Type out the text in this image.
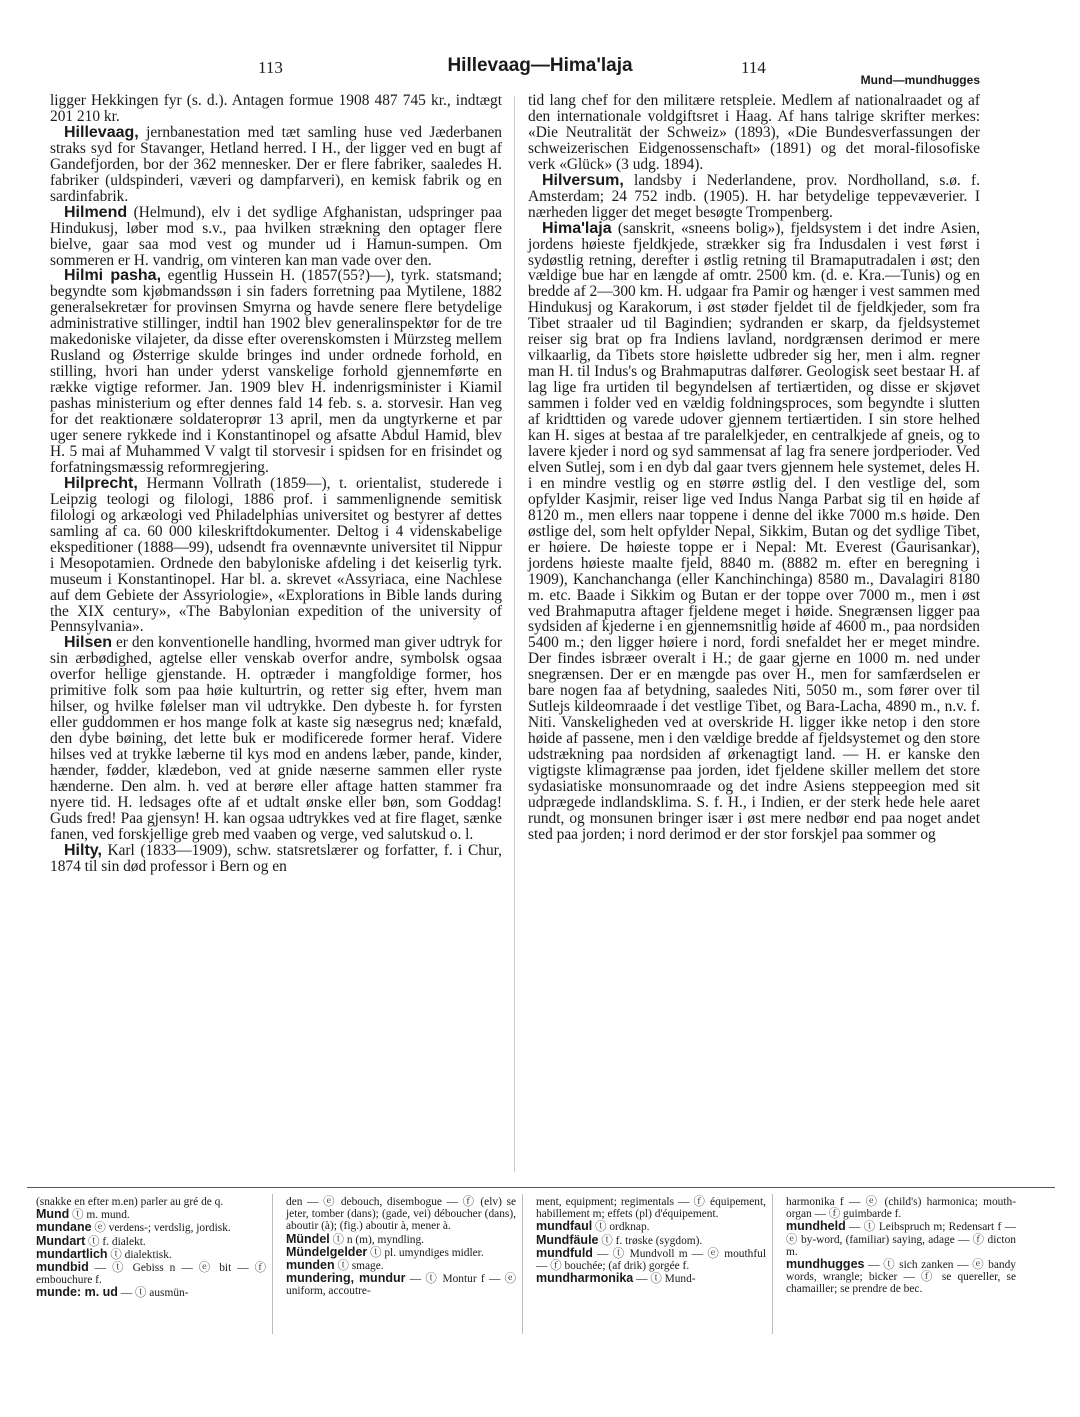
113	Hillevaag—Hima'laja	114
Mund—mundhugges

ligger Hekkingen fyr (s. d.). Antagen formue 1908 487 745 kr., indtægt 201 210 kr.

Hillevaag, jernbanestation med tæt samling huse ved Jæderbanen straks syd for Stavanger, Hetland herred. I H., der ligger ved en bugt af Gandefjorden, bor der 362 mennesker. Der er flere fabriker, saaledes H. fabriker (uldspinderi, væveri og dampfarveri), en kemisk fabrik og en sardinfabrik.

Hilmend (Helmund), elv i det sydlige Afghanistan, udspringer paa Hindukusj, løber mod s.v., paa hvilken strækning den optager flere bielve, gaar saa mod vest og munder ud i Hamun-sumpen. Om sommeren er H. vandrig, om vinteren kan man vade over den.

Hilmi pasha, egentlig Hussein H. (1857(55?)—), tyrk. statsmand; begyndte som kjøbmandssøn i sin faders forretning paa Mytilene, 1882 generalsekretær for provinsen Smyrna og havde senere flere betydelige administrative stillinger, indtil han 1902 blev generalinspektør for de tre makedoniske vilajeter, da disse efter overenskomsten i Mürzsteg mellem Rusland og Østerrige skulde bringes ind under ordnede forhold, en stilling, hvori han under yderst vanskelige forhold gjennemførte en række vigtige reformer. Jan. 1909 blev H. indenrigsminister i Kiamil pashas ministerium og efter dennes fald 14 feb. s. a. storvesir. Han veg for det reaktionære soldateroprør 13 april, men da ungtyrkerne et par uger senere rykkede ind i Konstantinopel og afsatte Abdul Hamid, blev H. 5 mai af Muhammed V valgt til storvesir i spidsen for en frisindet og forfatningsmæssig reformregjering.

Hilprecht, Hermann Vollrath (1859—), t. orientalist, studerede i Leipzig teologi og filologi, 1886 prof. i sammenlignende semitisk filologi og arkæologi ved Philadelphias universitet og bestyrer af dettes samling af ca. 60 000 kileskriftdokumenter. Deltog i 4 videnskabelige ekspeditioner (1888—99), udsendt fra ovennævnte universitet til Nippur i Mesopotamien. Ordnede den babyloniske afdeling i det keiserlig tyrk. museum i Konstantinopel. Har bl. a. skrevet «Assyriaca, eine Nachlese auf dem Gebiete der Assyriologie», «Explorations in Bible lands during the XIX century», «The Babylonian expedition of the university of Pennsylvania».

Hilsen er den konventionelle handling, hvormed man giver udtryk for sin ærbødighed, agtelse eller venskab overfor andre, symbolsk ogsaa overfor hellige gjenstande. H. optræder i mangfoldige former, hos primitive folk som paa høie kulturtrin, og retter sig efter, hvem man hilser, og hvilke følelser man vil udtrykke. Den dybeste h. for fyrsten eller guddommen er hos mange folk at kaste sig næsegrus ned; knæfald, den dybe bøining, det lette buk er modificerede former heraf. Videre hilses ved at trykke læberne til kys mod en andens læber, pande, kinder, hænder, fødder, klædebon, ved at gnide næserne sammen eller ryste hænderne. Den alm. h. ved at berøre eller aftage hatten stammer fra nyere tid. H. ledsages ofte af et udtalt ønske eller bøn, som Goddag! Guds fred! Paa gjensyn! H. kan ogsaa udtrykkes ved at fire flaget, sænke fanen, ved forskjellige greb med vaaben og verge, ved salutskud o. l.

Hilty, Karl (1833—1909), schw. statsretslærer og forfatter, f. i Chur, 1874 til sin død professor i Bern og en

tid lang chef for den militære retspleie. Medlem af nationalraadet og af den internationale voldgiftsret i Haag. Af hans talrige skrifter merkes: «Die Neutralität der Schweiz» (1893), «Die Bundesverfassungen der schweizerischen Eidgenossenschaft» (1891) og det moral-filosofiske verk «Glück» (3 udg. 1894).

Hilversum, landsby i Nederlandene, prov. Nordholland, s.ø. f. Amsterdam; 24 752 indb. (1905). H. har betydelige teppevæverier. I nærheden ligger det meget besøgte Trompenberg.

Hima'laja (sanskrit, «sneens bolig»), fjeldsystem i det indre Asien, jordens høieste fjeldkjede, strækker sig fra Indusdalen i vest først i sydøstlig retning, derefter i østlig retning til Bramaputradalen i øst; den vældige bue har en længde af omtr. 2500 km. (d. e. Kra.—Tunis) og en bredde af 2—300 km. H. udgaar fra Pamir og hænger i vest sammen med Hindukusj og Karakorum, i øst støder fjeldet til de fjeldkjeder, som fra Tibet straaler ud til Bagindien; sydranden er skarp, da fjeldsystemet reiser sig brat op fra Indiens lavland, nordgrænsen derimod er mere vilkaarlig, da Tibets store høislette udbreder sig her, men i alm. regner man H. til Indus's og Brahmaputras dalfører. Geologisk seet bestaar H. af lag lige fra urtiden til begyndelsen af tertiærtiden, og disse er skjøvet sammen i folder ved en vældig foldningsproces, som begyndte i slutten af kridttiden og varede udover gjennem tertiærtiden. I sin store helhed kan H. siges at bestaa af tre paralelkjeder, en centralkjede af gneis, og to lavere kjeder i nord og syd sammensat af lag fra senere jordperioder. Ved elven Sutlej, som i en dyb dal gaar tvers gjennem hele systemet, deles H. i en mindre vestlig og en større østlig del. I den vestlige del, som opfylder Kasjmir, reiser lige ved Indus Nanga Parbat sig til en høide af 8120 m., men ellers naar toppene i denne del ikke 7000 m.s høide. Den østlige del, som helt opfylder Nepal, Sikkim, Butan og det sydlige Tibet, er høiere. De høieste toppe er i Nepal: Mt. Everest (Gaurisankar), jordens høieste maalte fjeld, 8840 m. (8882 m. efter en beregning i 1909), Kanchanchanga (eller Kanchinchinga) 8580 m., Davalagiri 8180 m. etc. Baade i Sikkim og Butan er der toppe over 7000 m., men i øst ved Brahmaputra aftager fjeldene meget i høide. Snegrænsen ligger paa sydsiden af kjederne i en gjennemsnitlig høide af 4600 m., paa nordsiden 5400 m.; den ligger høiere i nord, fordi snefaldet her er meget mindre. Der findes isbræer overalt i H.; de gaar gjerne en 1000 m. ned under snegrænsen. Der er en mængde pas over H., men for samfærdselen er bare nogen faa af betydning, saaledes Niti, 5050 m., som fører over til Sutlejs kildeomraade i det vestlige Tibet, og Bara-Lacha, 4890 m., n.v. f. Niti. Vanskeligheden ved at overskride H. ligger ikke netop i den store høide af passene, men i den vældige bredde af fjeldsystemet og den store udstrækning paa nordsiden af ørkenagtigt land. — H. er kanske den vigtigste klimagrænse paa jorden, idet fjeldene skiller mellem det store sydasiatiske monsunomraade og det indre Asiens steppeegion med sit udprægede indlandsklima. S. f. H., i Indien, er der sterk hede hele aaret rundt, og monsunen bringer især i øst mere nedbør end paa noget andet sted paa jorden; i nord derimod er der stor forskjel paa sommer og

(snakke en efter m.en) parler au gré de q.

Mund ⓣ m. mund.

mundane ⓔ verdens-; verdslig, jordisk.

Mundart ⓣ f. dialekt.

mundartlich ⓣ dialektisk.

mundbid — ⓣ Gebiss n — ⓔ bit — ⓕ embouchure f.

munde: m. ud — ⓣ ausmün-

den — ⓔ debouch, disembogue — ⓕ (elv) se jeter, tomber (dans); (gade, vei) déboucher (dans), aboutir (à); (fig.) aboutir à, mener à.

Mündel ⓣ n (m), myndling.

Mündelgelder ⓣ pl. umyndiges midler.

munden ⓣ smage.

mundering, mundur — ⓣ Montur f — ⓔ uniform, accoutre-

ment, equipment; regimentals — ⓕ équipement, habillement m; effets (pl) d'équipement.

mundfaul ⓣ ordknap.

Mundfäule ⓣ f. trøske (sygdom).

mundfuld — ⓣ Mundvoll m — ⓔ mouthful — ⓕ bouchée; (af drik) gorgée f.

mundharmonika — ⓣ Mund-

harmonika f — ⓔ (child's) harmonica; mouth-organ — ⓕ guimbarde f.

mundheld — ⓣ Leibspruch m; Redensart f — ⓔ by-word, (familiar) saying, adage — ⓕ dicton m.

mundhugges — ⓣ sich zanken — ⓔ bandy words, wrangle; bicker — ⓕ se quereller, se chamailler; se prendre de bec.
